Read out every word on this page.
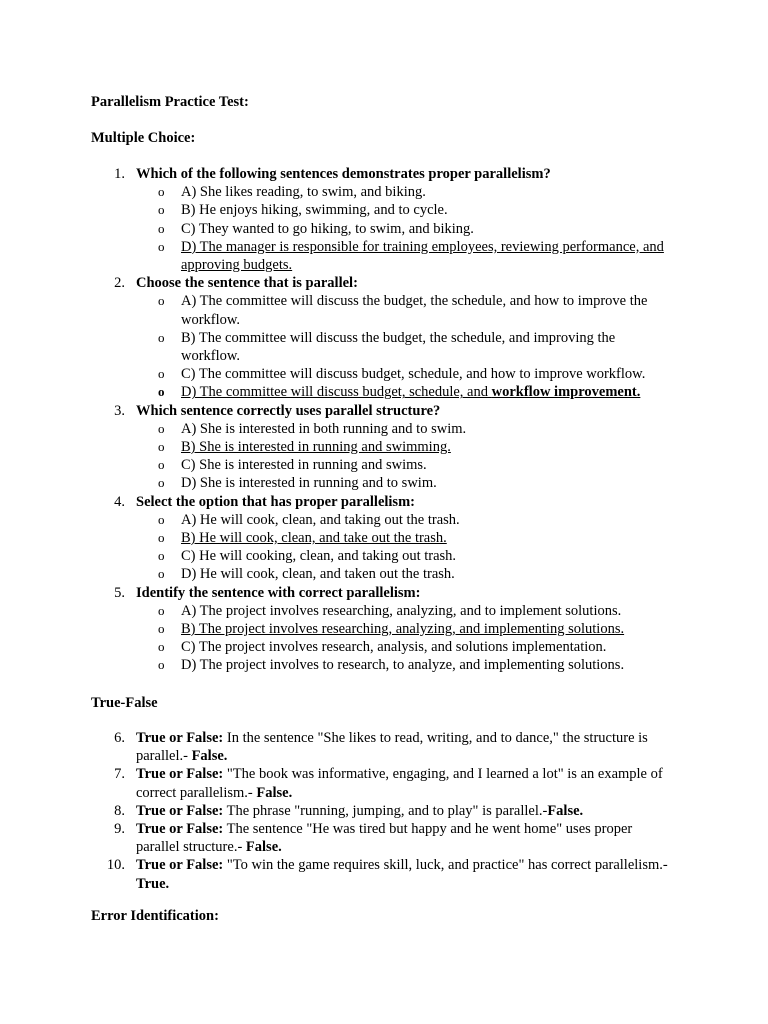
Parallelism Practice Test:

Multiple Choice:

1. Which of the following sentences demonstrates proper parallelism?
o A) She likes reading, to swim, and biking.
o B) He enjoys hiking, swimming, and to cycle.
o C) They wanted to go hiking, to swim, and biking.
o D) The manager is responsible for training employees, reviewing performance, and approving budgets.
2. Choose the sentence that is parallel:
o A) The committee will discuss the budget, the schedule, and how to improve the workflow.
o B) The committee will discuss the budget, the schedule, and improving the workflow.
o C) The committee will discuss budget, schedule, and how to improve workflow.
o D) The committee will discuss budget, schedule, and workflow improvement.
3. Which sentence correctly uses parallel structure?
o A) She is interested in both running and to swim.
o B) She is interested in running and swimming.
o C) She is interested in running and swims.
o D) She is interested in running and to swim.
4. Select the option that has proper parallelism:
o A) He will cook, clean, and taking out the trash.
o B) He will cook, clean, and take out the trash.
o C) He will cooking, clean, and taking out trash.
o D) He will cook, clean, and taken out the trash.
5. Identify the sentence with correct parallelism:
o A) The project involves researching, analyzing, and to implement solutions.
o B) The project involves researching, analyzing, and implementing solutions.
o C) The project involves research, analysis, and solutions implementation.
o D) The project involves to research, to analyze, and implementing solutions.

True-False

6. True or False: In the sentence "She likes to read, writing, and to dance," the structure is parallel.- False.
7. True or False: "The book was informative, engaging, and I learned a lot" is an example of correct parallelism.- False.
8. True or False: The phrase "running, jumping, and to play" is parallel.-False.
9. True or False: The sentence "He was tired but happy and he went home" uses proper parallel structure.- False.
10. True or False: "To win the game requires skill, luck, and practice" has correct parallelism.- True.

Error Identification:
